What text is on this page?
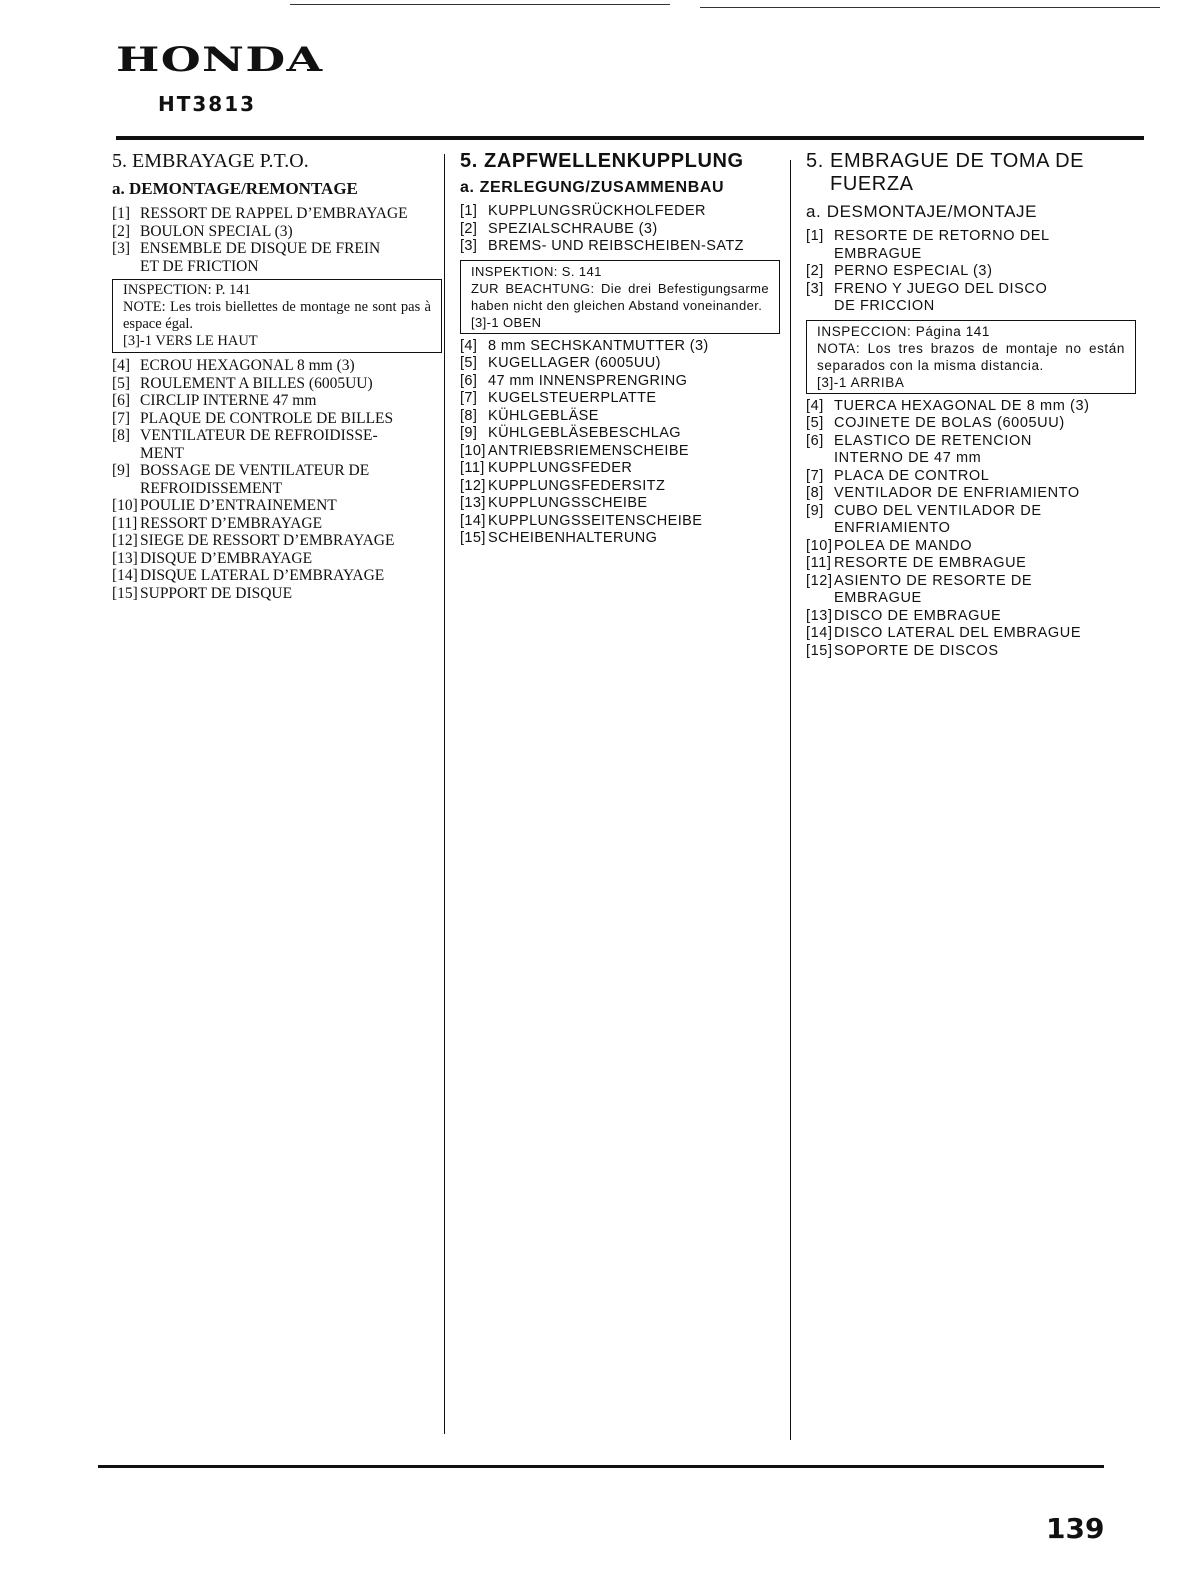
HONDA
HT3813
5. EMBRAYAGE P.T.O.
a. DEMONTAGE/REMONTAGE
[1] RESSORT DE RAPPEL D’EMBRAYAGE
[2] BOULON SPECIAL (3)
[3] ENSEMBLE DE DISQUE DE FREIN
ET DE FRICTION
INSPECTION: P. 141
NOTE: Les trois biellettes de montage ne sont pas à espace égal.
[3]-1 VERS LE HAUT
[4] ECROU HEXAGONAL 8 mm (3)
[5] ROULEMENT A BILLES (6005UU)
[6] CIRCLIP INTERNE 47 mm
[7] PLAQUE DE CONTROLE DE BILLES
[8] VENTILATEUR DE REFROIDISSE-
MENT
[9] BOSSAGE DE VENTILATEUR DE
REFROIDISSEMENT
[10] POULIE D’ENTRAINEMENT
[11] RESSORT D’EMBRAYAGE
[12] SIEGE DE RESSORT D’EMBRAYAGE
[13] DISQUE D’EMBRAYAGE
[14] DISQUE LATERAL D’EMBRAYAGE
[15] SUPPORT DE DISQUE
5. ZAPFWELLENKUPPLUNG
a. ZERLEGUNG/ZUSAMMENBAU
[1] KUPPLUNGSRÜCKHOLFEDER
[2] SPEZIALSCHRAUBE (3)
[3] BREMS- UND REIBSCHEIBEN-SATZ
INSPEKTION: S. 141
ZUR BEACHTUNG: Die drei Befestigungsarme haben nicht den gleichen Abstand voneinander.
[3]-1 OBEN
[4] 8 mm SECHSKANTMUTTER (3)
[5] KUGELLAGER (6005UU)
[6] 47 mm INNENSPRENGRING
[7] KUGELSTEUERPLATTE
[8] KÜHLGEBLÄSE
[9] KÜHLGEBLÄSEBESCHLAG
[10] ANTRIEBSRIEMENSCHEIBE
[11] KUPPLUNGSFEDER
[12] KUPPLUNGSFEDERSITZ
[13] KUPPLUNGSSCHEIBE
[14] KUPPLUNGSSEITENSCHEIBE
[15] SCHEIBENHALTERUNG
5. EMBRAGUE DE TOMA DE
FUERZA
a. DESMONTAJE/MONTAJE
[1] RESORTE DE RETORNO DEL
EMBRAGUE
[2] PERNO ESPECIAL (3)
[3] FRENO Y JUEGO DEL DISCO
DE FRICCION
INSPECCION: Página 141
NOTA: Los tres brazos de montaje no están separados con la misma distancia.
[3]-1 ARRIBA
[4] TUERCA HEXAGONAL DE 8 mm (3)
[5] COJINETE DE BOLAS (6005UU)
[6] ELASTICO DE RETENCION
INTERNO DE 47 mm
[7] PLACA DE CONTROL
[8] VENTILADOR DE ENFRIAMIENTO
[9] CUBO DEL VENTILADOR DE
ENFRIAMIENTO
[10] POLEA DE MANDO
[11] RESORTE DE EMBRAGUE
[12] ASIENTO DE RESORTE DE
EMBRAGUE
[13] DISCO DE EMBRAGUE
[14] DISCO LATERAL DEL EMBRAGUE
[15] SOPORTE DE DISCOS
139
